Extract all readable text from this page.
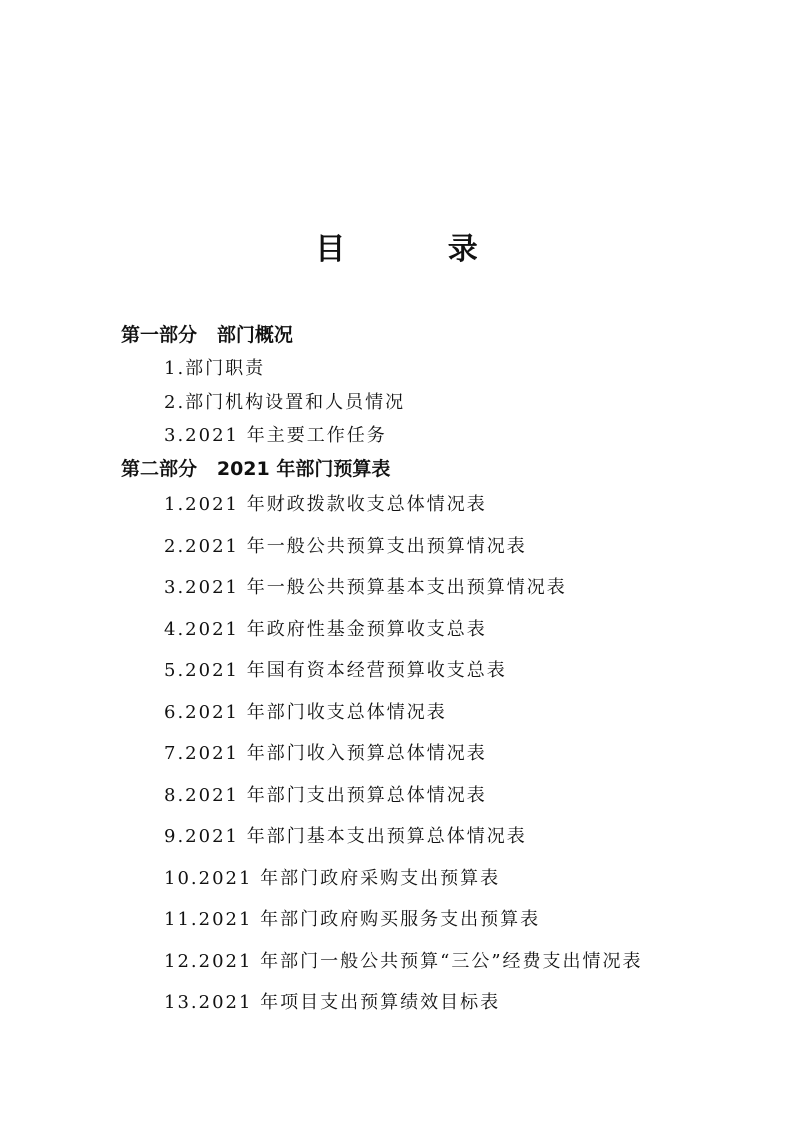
目 录
第一部分   部门概况
1.部门职责
2.部门机构设置和人员情况
3.2021 年主要工作任务
第二部分   2021 年部门预算表
1.2021 年财政拨款收支总体情况表
2.2021 年一般公共预算支出预算情况表
3.2021 年一般公共预算基本支出预算情况表
4.2021 年政府性基金预算收支总表
5.2021 年国有资本经营预算收支总表
6.2021 年部门收支总体情况表
7.2021 年部门收入预算总体情况表
8.2021 年部门支出预算总体情况表
9.2021 年部门基本支出预算总体情况表
10.2021 年部门政府采购支出预算表
11.2021 年部门政府购买服务支出预算表
12.2021 年部门一般公共预算“三公”经费支出情况表
13.2021 年项目支出预算绩效目标表
